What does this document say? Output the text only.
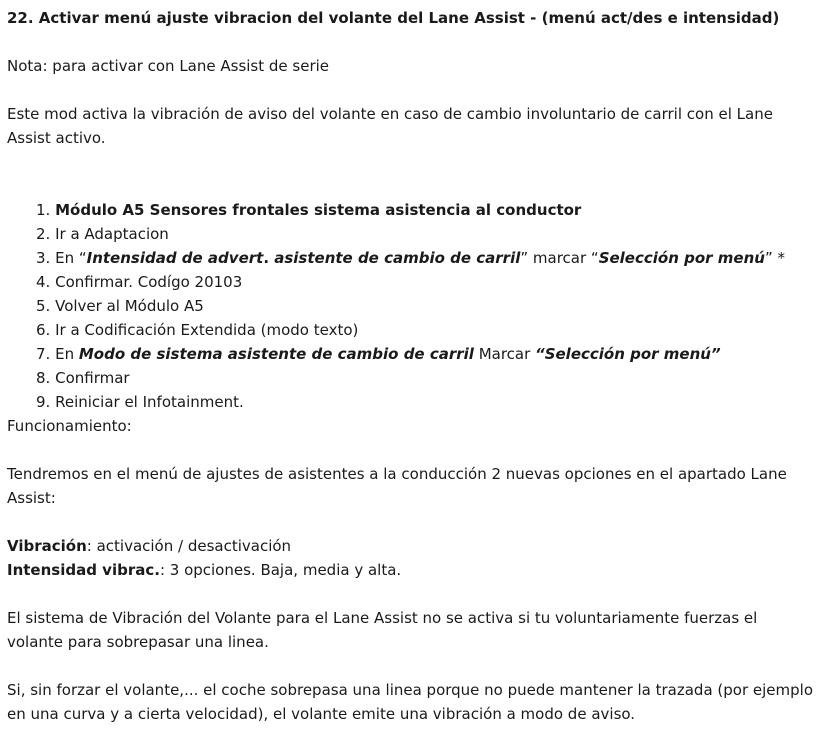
22. Activar menú ajuste vibracion del volante del Lane Assist - (menú act/des e intensidad)

Nota: para activar con Lane Assist de serie

Este mod activa la vibración de aviso del volante en caso de cambio involuntario de carril con el Lane Assist activo.

1. Módulo A5 Sensores frontales sistema asistencia al conductor
2. Ir a Adaptacion
3. En “Intensidad de advert. asistente de cambio de carril” marcar “Selección por menú” *
4. Confirmar. Codígo 20103
5. Volver al Módulo A5
6. Ir a Codificación Extendida (modo texto)
7. En Modo de sistema asistente de cambio de carril Marcar “Selección por menú”
8. Confirmar
9. Reiniciar el Infotainment.

Funcionamiento:

Tendremos en el menú de ajustes de asistentes a la conducción 2 nuevas opciones en el apartado Lane Assist:

Vibración: activación / desactivación

Intensidad vibrac.: 3 opciones. Baja, media y alta.

El sistema de Vibración del Volante para el Lane Assist no se activa si tu voluntariamente fuerzas el volante para sobrepasar una linea.

Si, sin forzar el volante,... el coche sobrepasa una linea porque no puede mantener la trazada (por ejemplo en una curva y a cierta velocidad), el volante emite una vibración a modo de aviso.
